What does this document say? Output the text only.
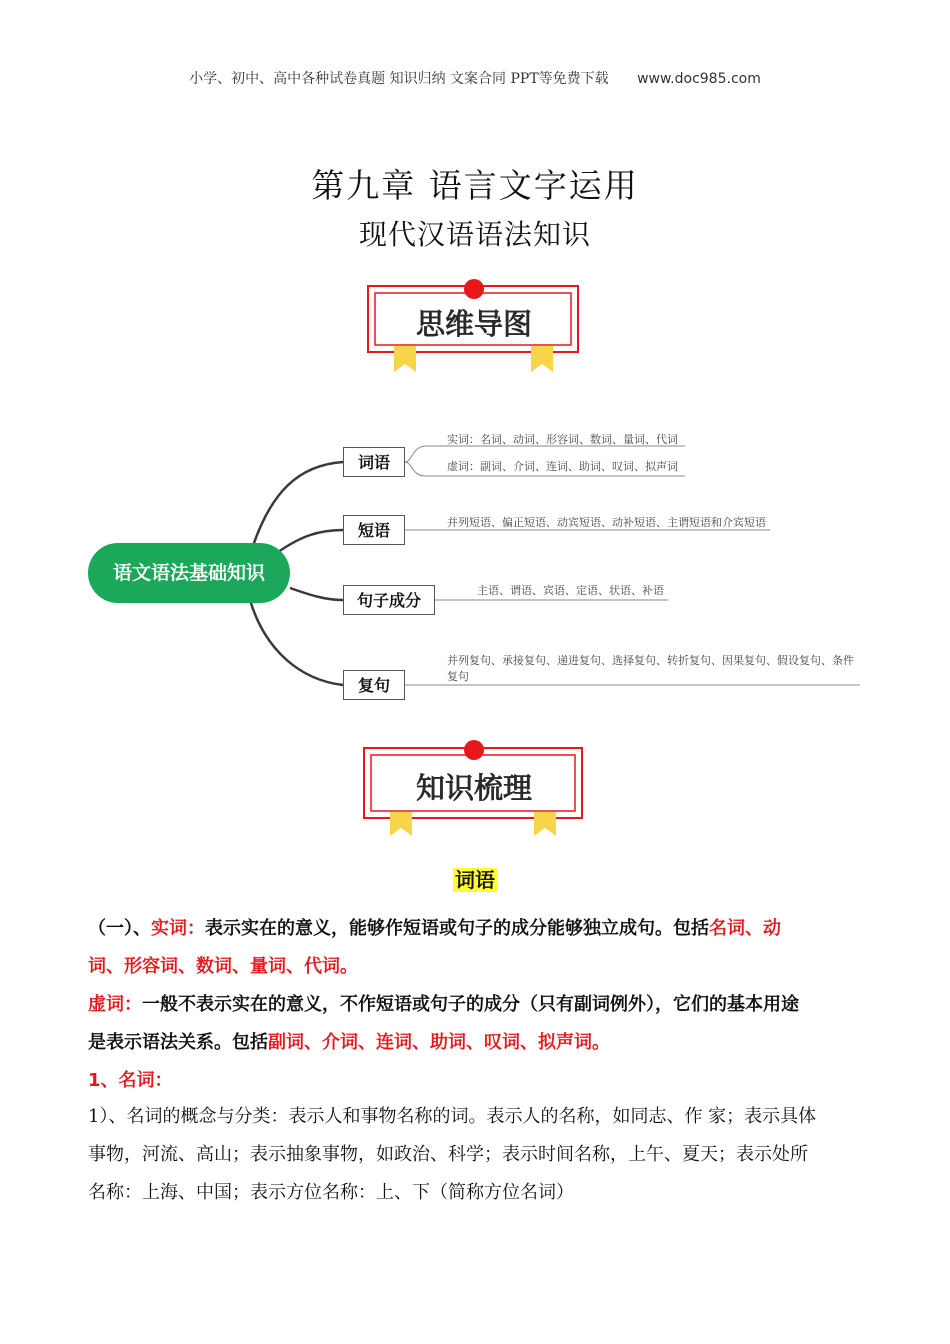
小学、初中、高中各种试卷真题 知识归纳 文案合同 PPT等免费下载 www.doc985.com
第九章 语言文字运用
现代汉语语法知识
思维导图
语文语法基础知识
词语
实词：名词、动词、形容词、数词、量词、代词
虚词：副词、介词、连词、助词、叹词、拟声词
短语	并列短语、偏正短语、动宾短语、动补短语、主谓短语和介宾短语
句子成分
主语、谓语、宾语、定语、状语、补语
复句
并列复句、承接复句、递进复句、选择复句、转折复句、因果复句、假设复句、条件
复句
知识梳理
词语
（一）、实词：表示实在的意义，能够作短语或句子的成分能够独立成句。包括名词、动
词、形容词、数词、量词、代词。
虚词：一般不表示实在的意义，不作短语或句子的成分（只有副词例外），它们的基本用途
是表示语法关系。包括副词、介词、连词、助词、叹词、拟声词。
1、名词：
1）、名词的概念与分类：表示人和事物名称的词。表示人的名称，如同志、作 家；表示具体
事物，河流、高山；表示抽象事物，如政治、科学；表示时间名称，上午、夏天；表示处所
名称：上海、中国；表示方位名称：上、下（简称方位名词）
